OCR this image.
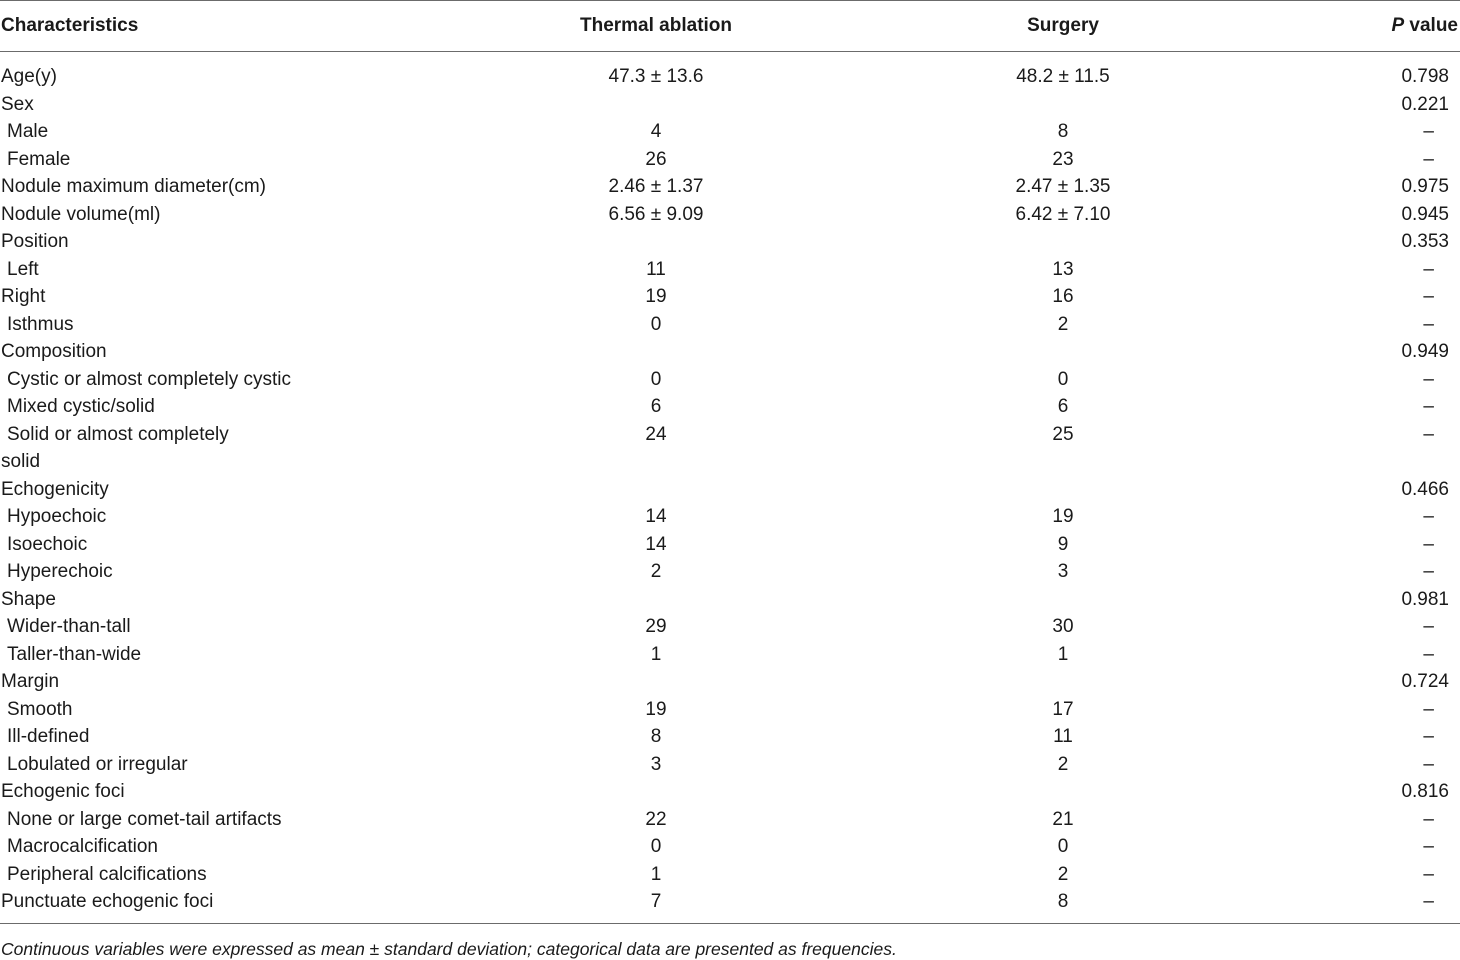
Characteristics	Thermal ablation	Surgery	P value
Age(y)	47.3 ± 13.6	48.2 ± 11.5	0.798
Sex			0.221
Male	4	8	–
Female	26	23	–
Nodule maximum diameter(cm)	2.46 ± 1.37	2.47 ± 1.35	0.975
Nodule volume(ml)	6.56 ± 9.09	6.42 ± 7.10	0.945
Position			0.353
Left	11	13	–
Right	19	16	–
Isthmus	0	2	–
Composition			0.949
Cystic or almost completely cystic	0	0	–
Mixed cystic/solid	6	6	–
Solid or almost completely
solid	24	25	–
Echogenicity			0.466
Hypoechoic	14	19	–
Isoechoic	14	9	–
Hyperechoic	2	3	–
Shape			0.981
Wider-than-tall	29	30	–
Taller-than-wide	1	1	–
Margin			0.724
Smooth	19	17	–
Ill-defined	8	11	–
Lobulated or irregular	3	2	–
Echogenic foci			0.816
None or large comet-tail artifacts	22	21	–
Macrocalcification	0	0	–
Peripheral calcifications	1	2	–
Punctuate echogenic foci	7	8	–
Continuous variables were expressed as mean ± standard deviation; categorical data are presented as frequencies.
